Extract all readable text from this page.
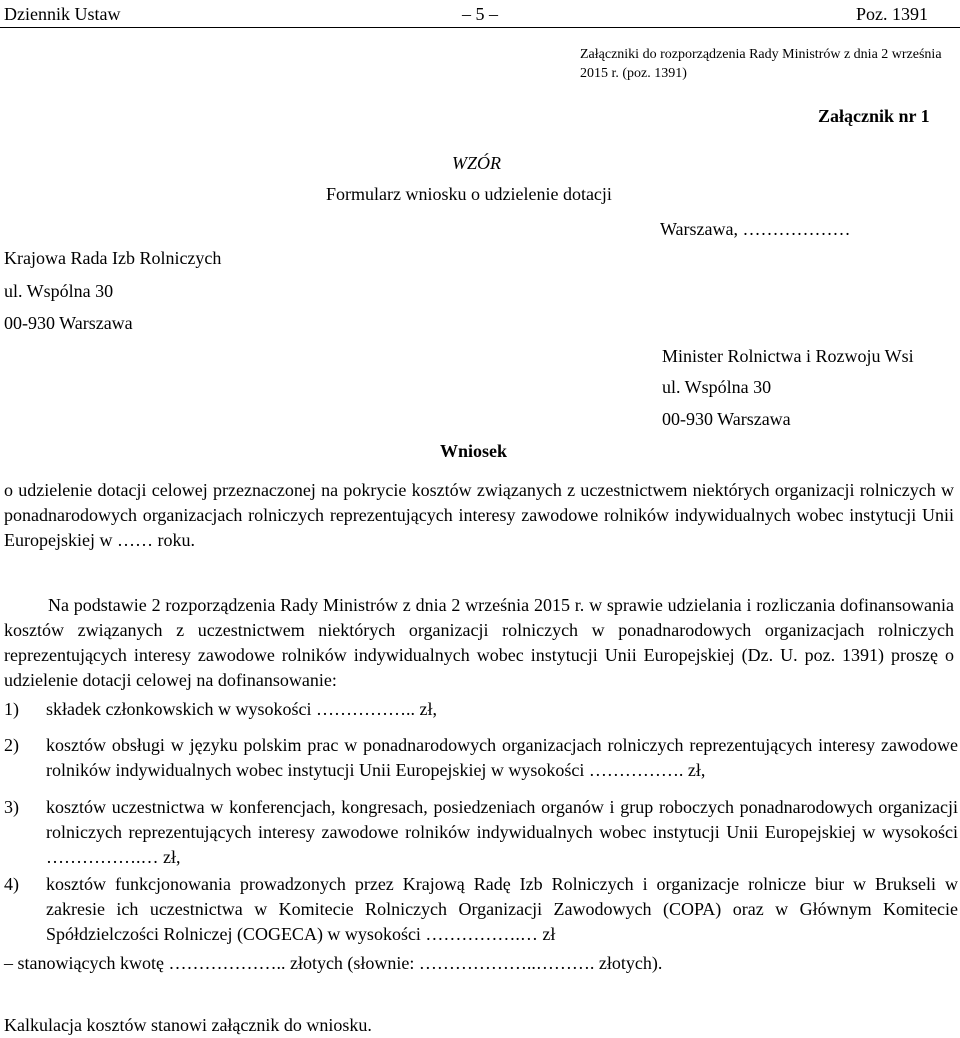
Dziennik Ustaw	– 5 –	Poz. 1391
Załączniki do rozporządzenia Rady Ministrów z dnia 2 września
2015 r. (poz. 1391)
Załącznik nr 1
WZÓR
Formularz wniosku o udzielenie dotacji
Krajowa Rada Izb Rolniczych
ul. Wspólna 30
00-930 Warszawa
Warszawa, ………………
Minister Rolnictwa i Rozwoju Wsi
ul. Wspólna 30
00-930 Warszawa
Wniosek
o udzielenie dotacji celowej przeznaczonej na pokrycie kosztów związanych z uczestnictwem niektórych organizacji rolniczych w ponadnarodowych organizacjach rolniczych reprezentujących interesy zawodowe rolników indywidualnych wobec instytucji Unii Europejskiej w …… roku.
Na podstawie 2 rozporządzenia Rady Ministrów z dnia 2 września 2015 r. w sprawie udzielania i rozliczania dofinansowania kosztów związanych z uczestnictwem niektórych organizacji rolniczych w ponadnarodowych organizacjach rolniczych reprezentujących interesy zawodowe rolników indywidualnych wobec instytucji Unii Europejskiej (Dz. U. poz. 1391) proszę o udzielenie dotacji celowej na dofinansowanie:
1) składek członkowskich w wysokości …………….. zł,
2) kosztów obsługi w języku polskim prac w ponadnarodowych organizacjach rolniczych reprezentujących interesy zawodowe rolników indywidualnych wobec instytucji Unii Europejskiej w wysokości ……………. zł,
3) kosztów uczestnictwa w konferencjach, kongresach, posiedzeniach organów i grup roboczych ponadnarodowych organizacji rolniczych reprezentujących interesy zawodowe rolników indywidualnych wobec instytucji Unii Europejskiej w wysokości …………….… zł,
4) kosztów funkcjonowania prowadzonych przez Krajową Radę Izb Rolniczych i organizacje rolnicze biur w Brukseli w zakresie ich uczestnictwa w Komitecie Rolniczych Organizacji Zawodowych (COPA) oraz w Głównym Komitecie Spółdzielczości Rolniczej (COGECA) w wysokości …………….… zł
– stanowiących kwotę ……………….. złotych (słownie: ………………..………. złotych).
Kalkulacja kosztów stanowi załącznik do wniosku.
